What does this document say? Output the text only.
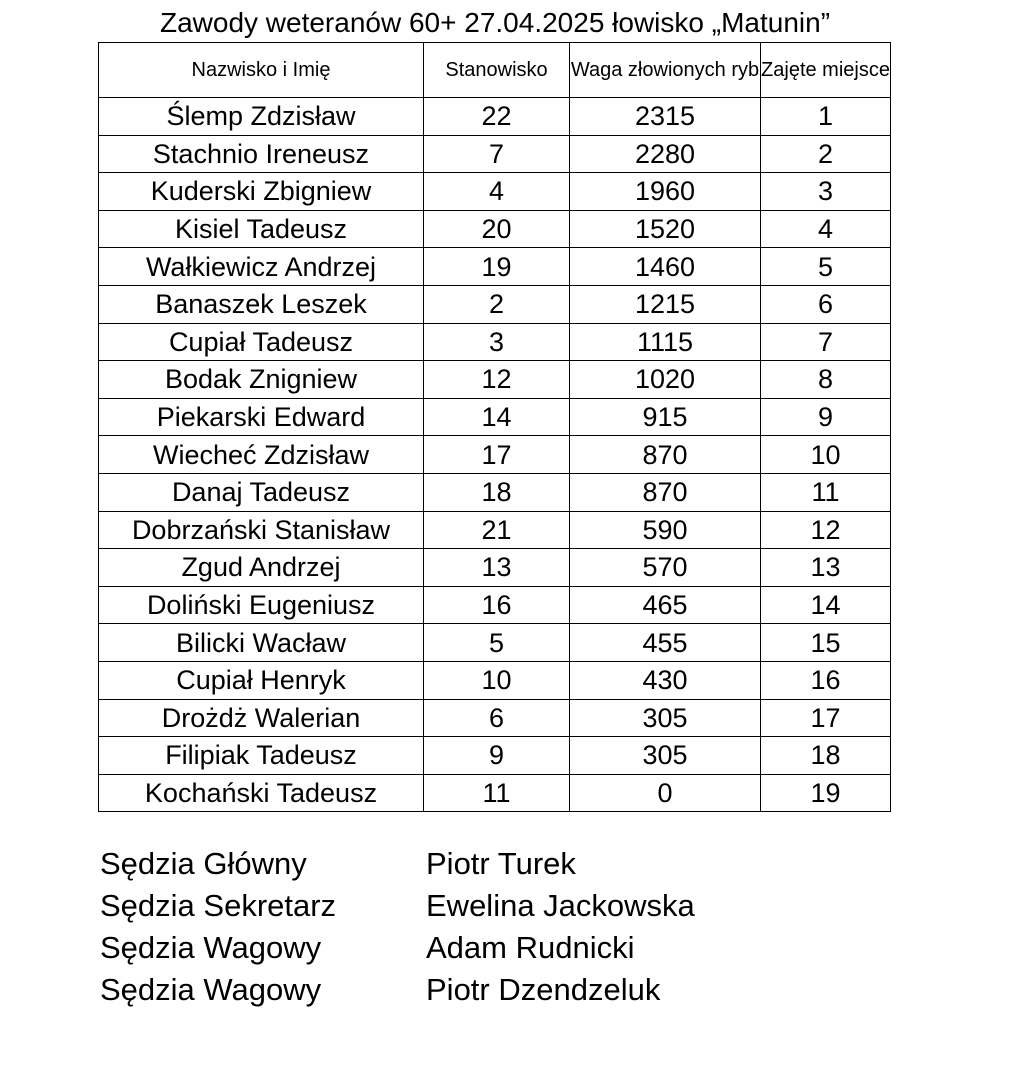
Zawody weteranów 60+ 27.04.2025 łowisko „Matunin”
Nazwisko i Imię	Stanowisko	Waga złowionych ryb	Zajęte miejsce
Ślemp Zdzisław	22	2315	1
Stachnio Ireneusz	7	2280	2
Kuderski Zbigniew	4	1960	3
Kisiel Tadeusz	20	1520	4
Wałkiewicz Andrzej	19	1460	5
Banaszek Leszek	2	1215	6
Cupiał Tadeusz	3	1115	7
Bodak Znigniew	12	1020	8
Piekarski Edward	14	915	9
Wiecheć Zdzisław	17	870	10
Danaj Tadeusz	18	870	11
Dobrzański Stanisław	21	590	12
Zgud Andrzej	13	570	13
Doliński Eugeniusz	16	465	14
Bilicki Wacław	5	455	15
Cupiał Henryk	10	430	16
Drożdż Walerian	6	305	17
Filipiak Tadeusz	9	305	18
Kochański Tadeusz	11	0	19
Sędzia Główny	Piotr Turek
Sędzia Sekretarz	Ewelina Jackowska
Sędzia Wagowy	Adam Rudnicki
Sędzia Wagowy	Piotr Dzendzeluk
